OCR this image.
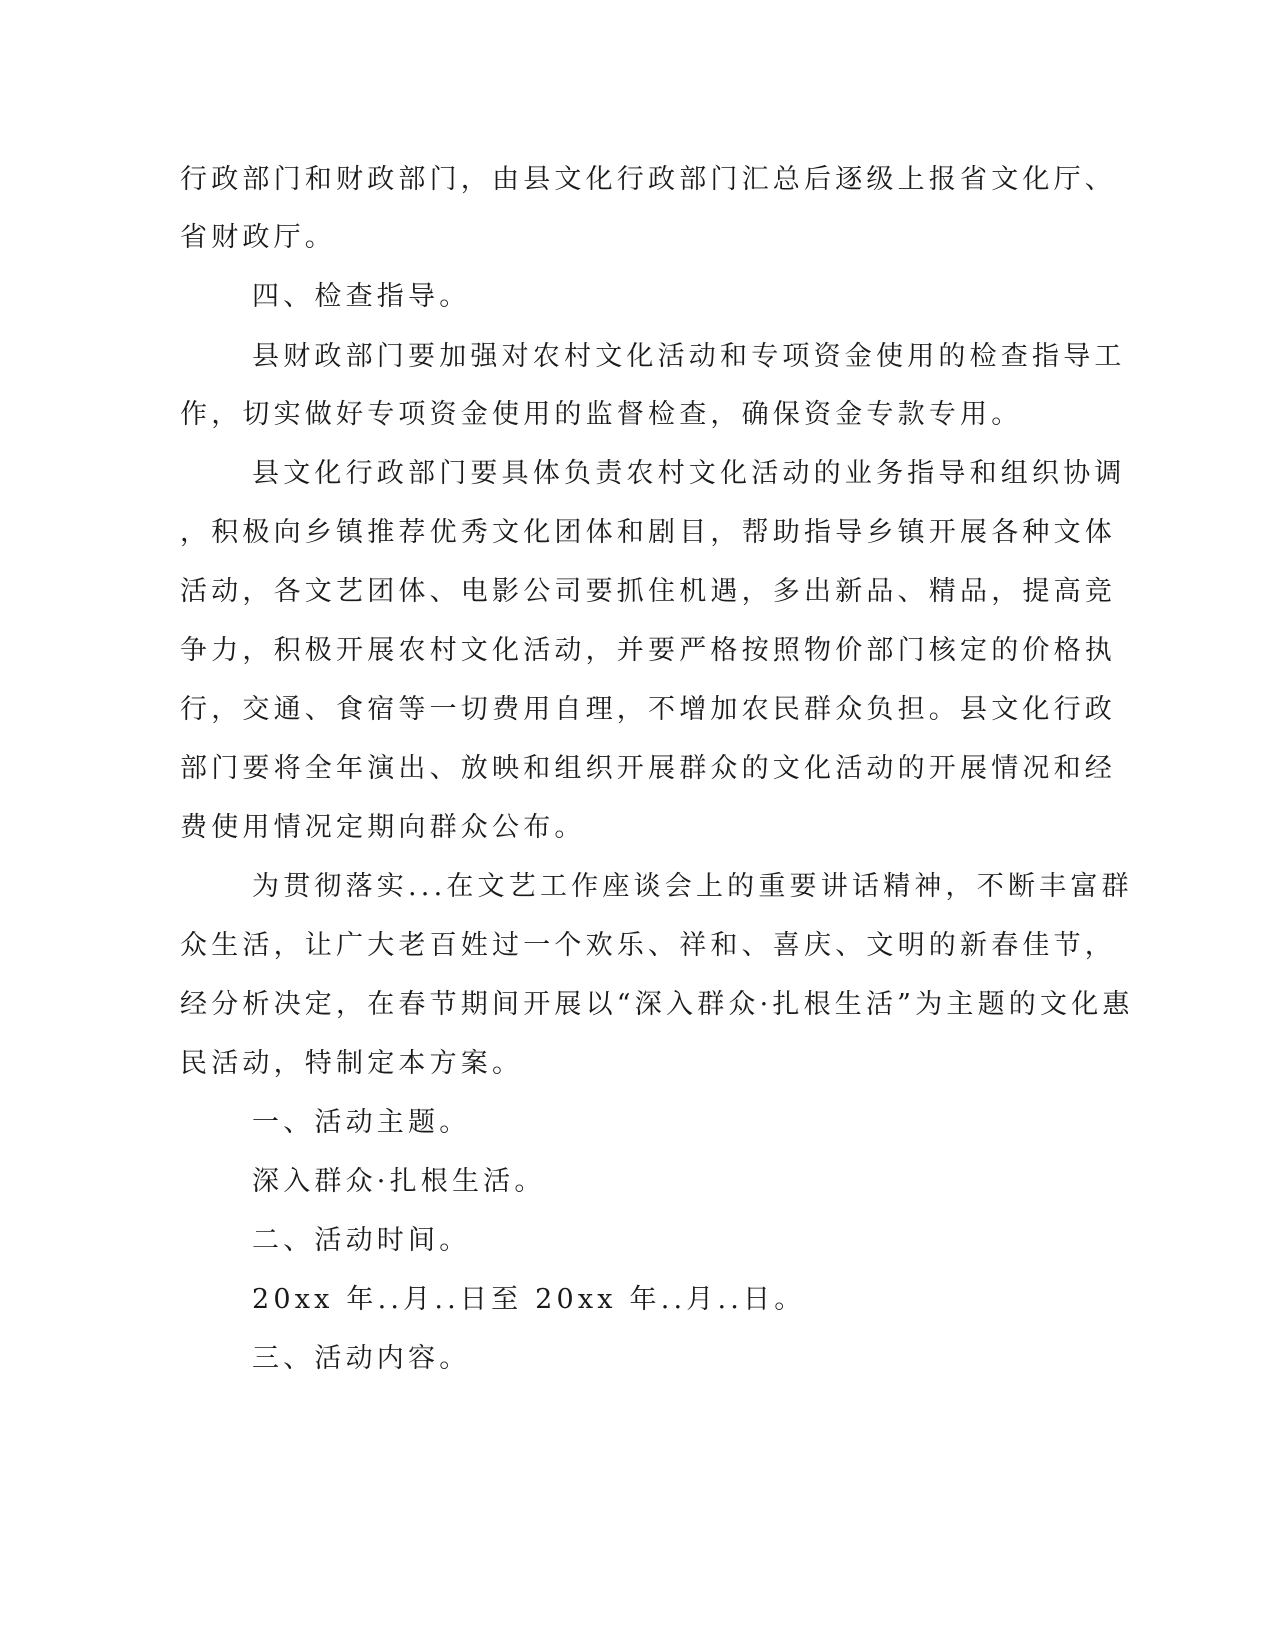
行政部门和财政部门，由县文化行政部门汇总后逐级上报省文化厅、
省财政厅。
四、检查指导。
县财政部门要加强对农村文化活动和专项资金使用的检查指导工
作，切实做好专项资金使用的监督检查，确保资金专款专用。
县文化行政部门要具体负责农村文化活动的业务指导和组织协调
，积极向乡镇推荐优秀文化团体和剧目，帮助指导乡镇开展各种文体
活动，各文艺团体、电影公司要抓住机遇，多出新品、精品，提高竞
争力，积极开展农村文化活动，并要严格按照物价部门核定的价格执
行，交通、食宿等一切费用自理，不增加农民群众负担。县文化行政
部门要将全年演出、放映和组织开展群众的文化活动的开展情况和经
费使用情况定期向群众公布。
为贯彻落实...在文艺工作座谈会上的重要讲话精神，不断丰富群
众生活，让广大老百姓过一个欢乐、祥和、喜庆、文明的新春佳节，
经分析决定，在春节期间开展以“深入群众·扎根生活”为主题的文化惠
民活动，特制定本方案。
一、活动主题。
深入群众·扎根生活。
二、活动时间。
20xx 年..月..日至 20xx 年..月..日。
三、活动内容。
